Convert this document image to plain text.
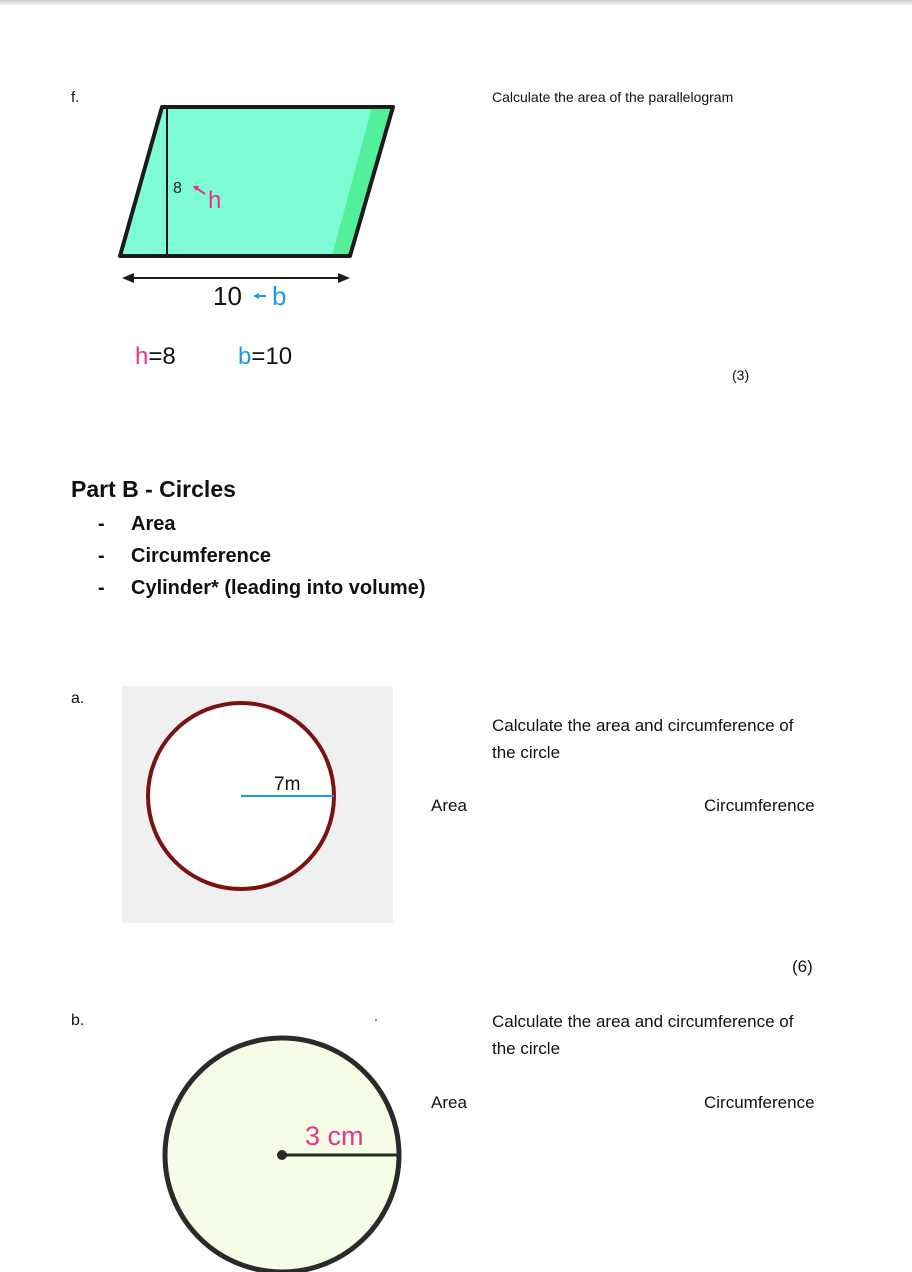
f.	Calculate the area of the parallelogram
8 h
10 b
h=8	b=10
(3)
Part B - Circles
- Area
- Circumference
- Cylinder* (leading into volume)
a.
7m
Calculate the area and circumference of
the circle
Area	Circumference
(6)
b.	.
3 cm
Calculate the area and circumference of
the circle
Area	Circumference
